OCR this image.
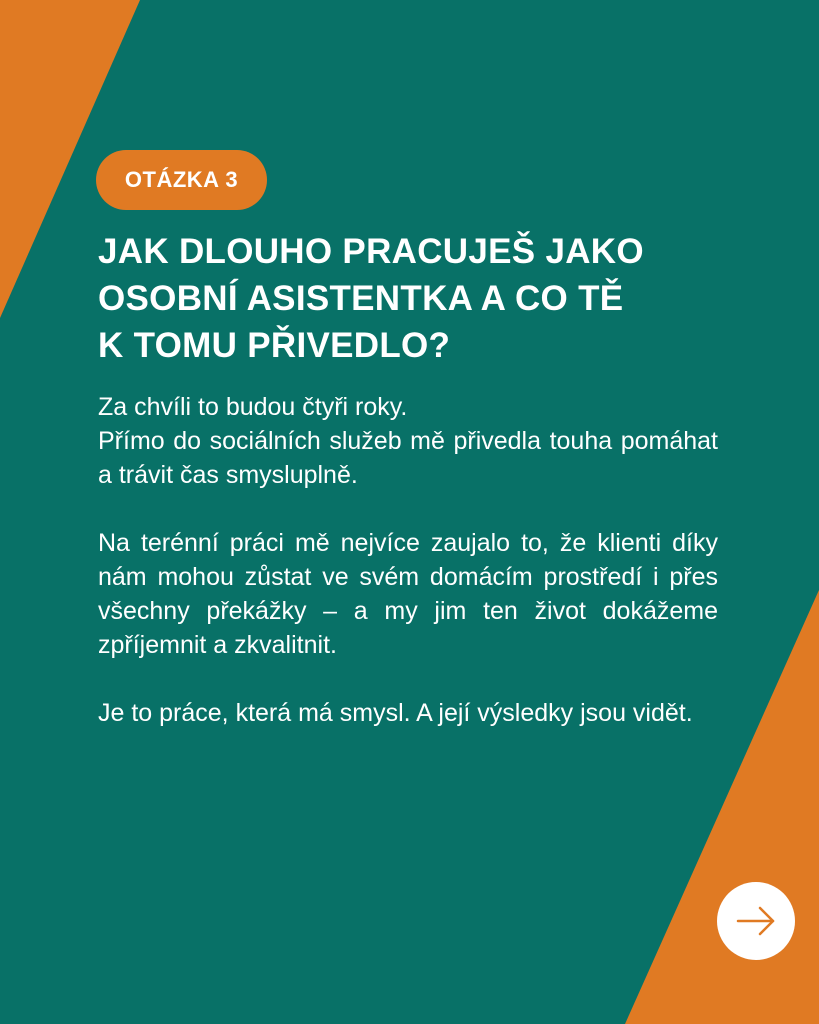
OTÁZKA 3
JAK DLOUHO PRACUJEŠ JAKO
OSOBNÍ ASISTENTKA A CO TĚ
K TOMU PŘIVEDLO?

Za chvíli to budou čtyři roky.

Přímo do sociálních služeb mě přivedla touha pomáhat a trávit čas smysluplně.

Na terénní práci mě nejvíce zaujalo to, že klienti díky nám mohou zůstat ve svém domácím prostředí i přes všechny překážky – a my jim ten život dokážeme zpříjemnit a zkvalitnit.

Je to práce, která má smysl. A její výsledky jsou vidět.
